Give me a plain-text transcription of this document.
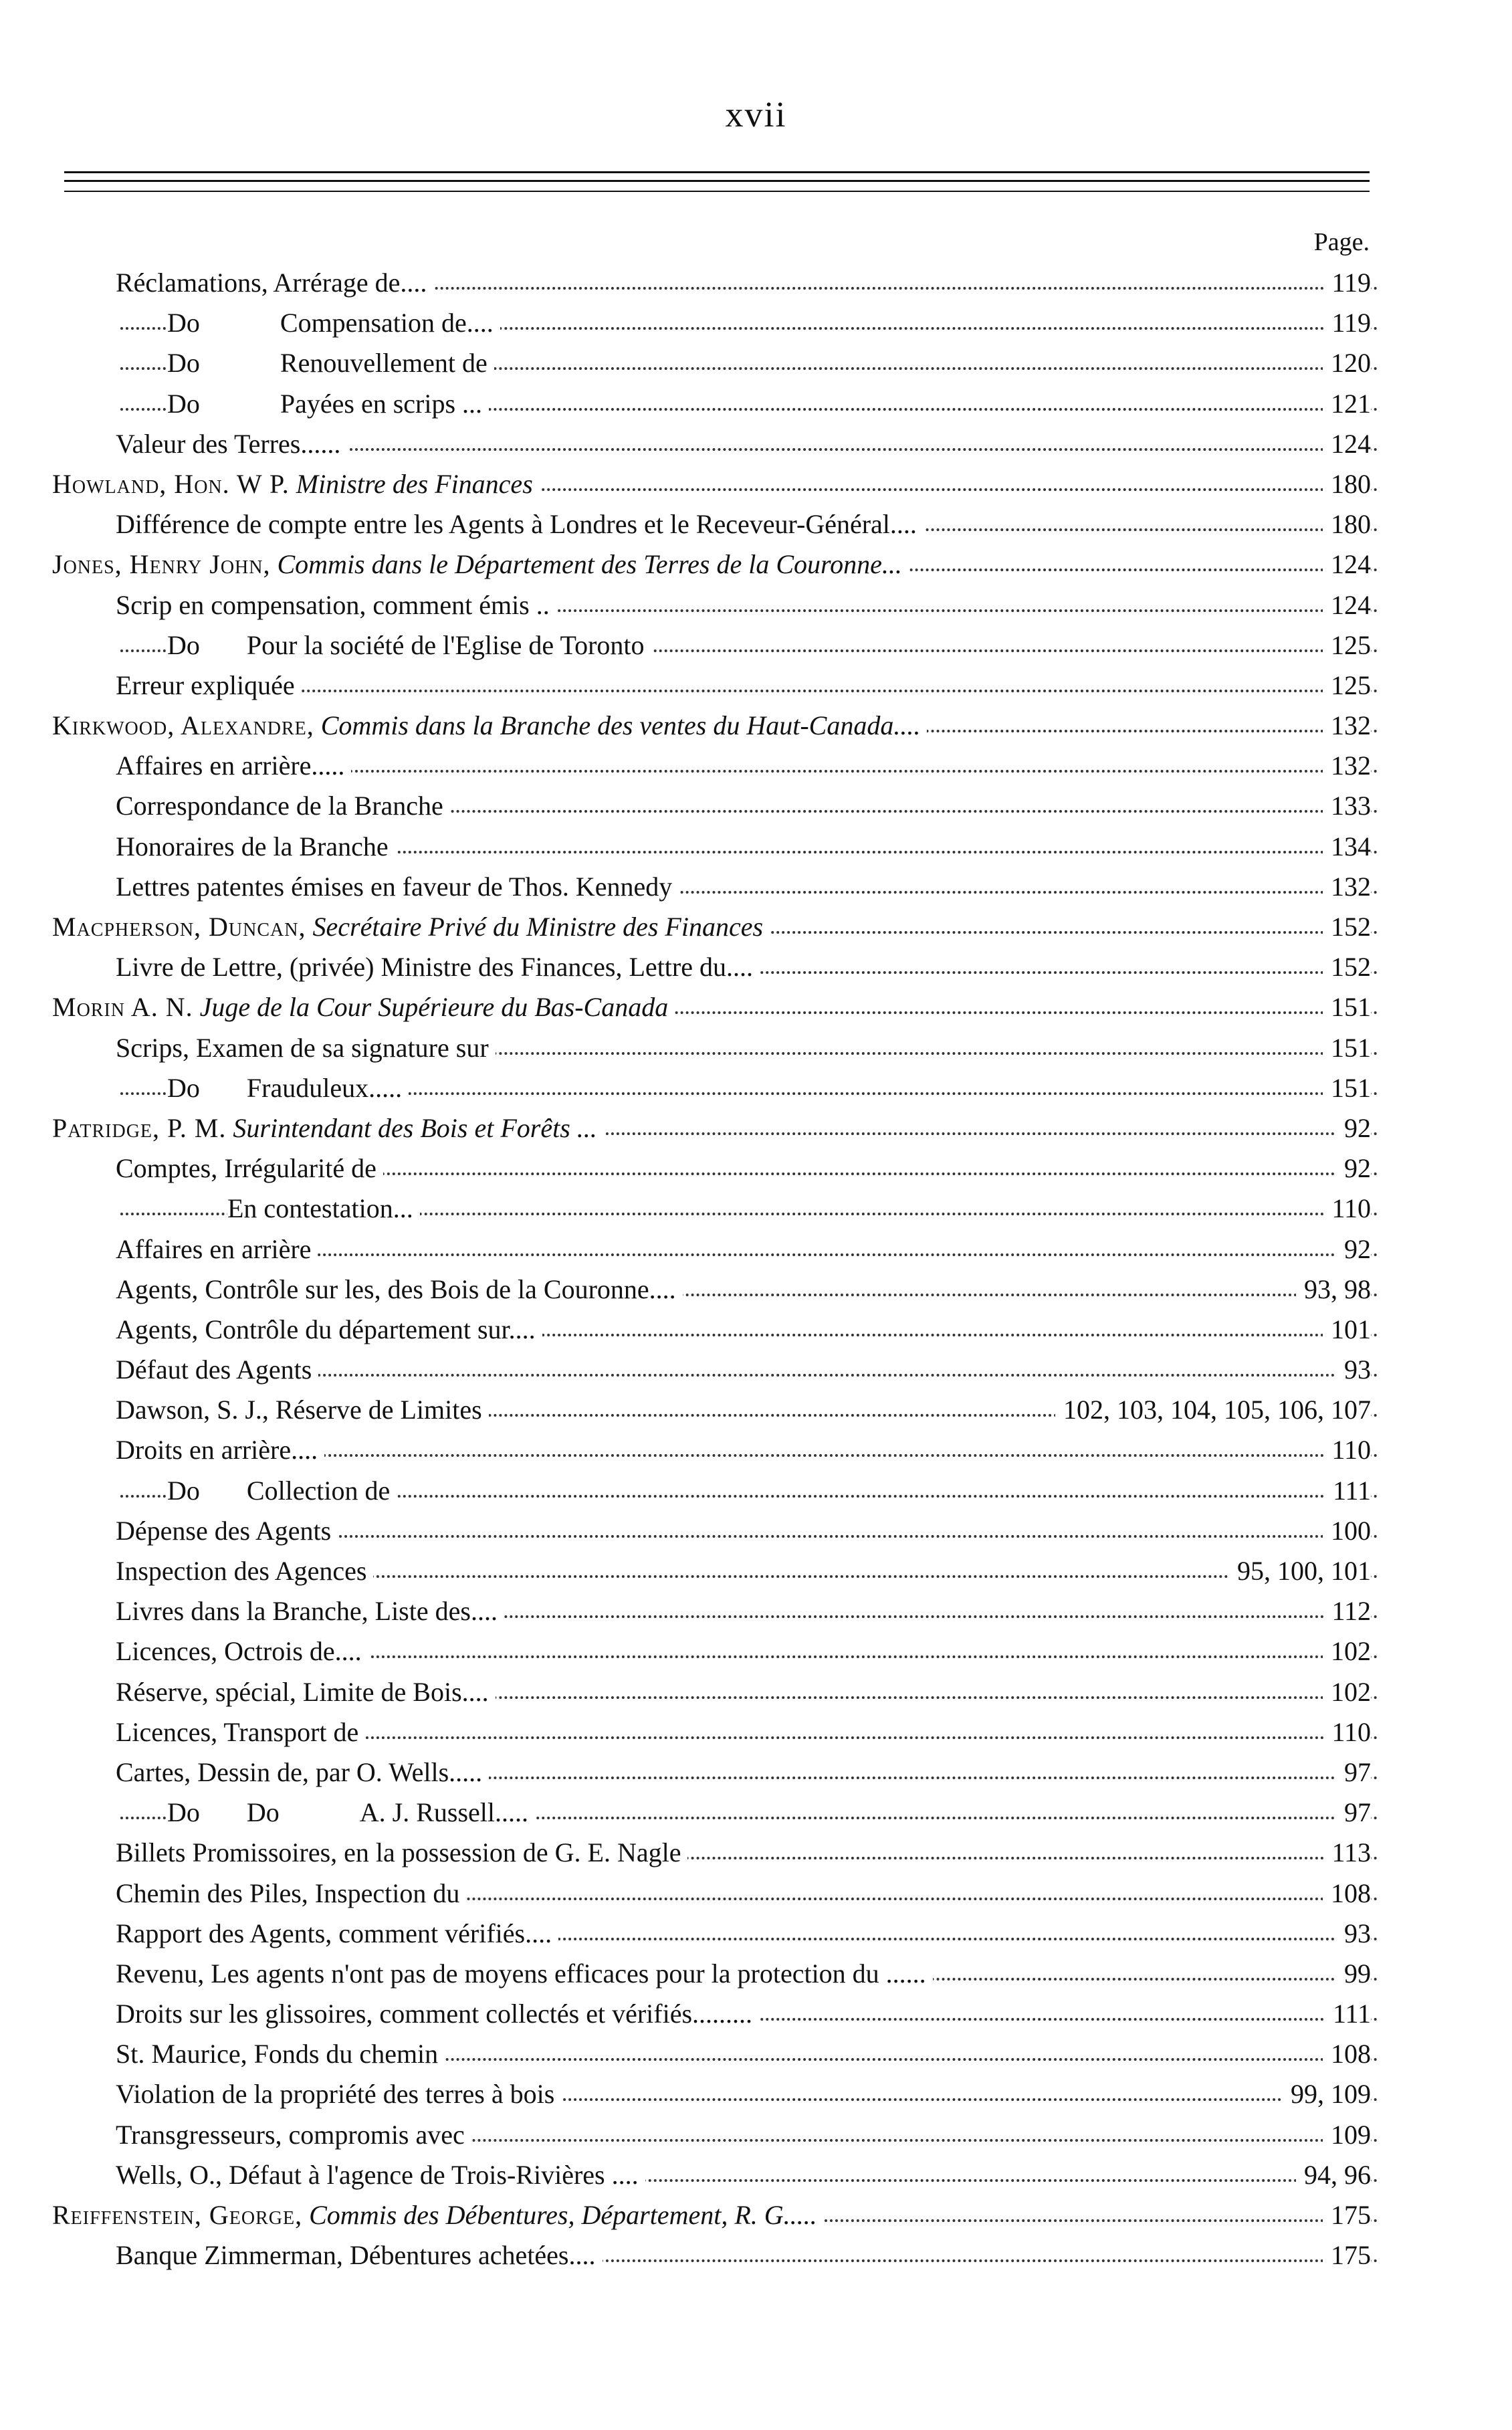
xvii
Page.
Réclamations, Arrérage de....	119
Do	Compensation de....	119
Do	Renouvellement de	120
Do	Payées en scrips ...	121
Valeur des Terres......	124
Howland, Hon. W P. Ministre des Finances	180
Différence de compte entre les Agents à Londres et le Receveur-Général....	180
Jones, Henry John, Commis dans le Département des Terres de la Couronne...	124
Scrip en compensation, comment émis ..	124
Do Pour la société de l'Eglise de Toronto	125
Erreur expliquée	125
Kirkwood, Alexandre, Commis dans la Branche des ventes du Haut-Canada....	132
Affaires en arrière.....	132
Correspondance de la Branche	133
Honoraires de la Branche	134
Lettres patentes émises en faveur de Thos. Kennedy	132
Macpherson, Duncan, Secrétaire Privé du Ministre des Finances	152
Livre de Lettre, (privée) Ministre des Finances, Lettre du....	152
Morin A. N. Juge de la Cour Supérieure du Bas-Canada	151
Scrips, Examen de sa signature sur	151
Do Frauduleux.....	151
Patridge, P. M. Surintendant des Bois et Forêts ...	92
Comptes, Irrégularité de	92
En contestation...	110
Affaires en arrière	92
Agents, Contrôle sur les, des Bois de la Couronne....	93, 98
Agents, Contrôle du département sur....	101
Défaut des Agents	93
Dawson, S. J., Réserve de Limites	102, 103, 104, 105, 106, 107
Droits en arrière....	110
Do Collection de	111
Dépense des Agents	100
Inspection des Agences	95, 100, 101
Livres dans la Branche, Liste des....	112
Licences, Octrois de....	102
Réserve, spécial, Limite de Bois....	102
Licences, Transport de	110
Cartes, Dessin de, par O. Wells.....	97
Do Do	A. J. Russell.....	97
Billets Promissoires, en la possession de G. E. Nagle	113
Chemin des Piles, Inspection du	108
Rapport des Agents, comment vérifiés....	93
Revenu, Les agents n'ont pas de moyens efficaces pour la protection du ......	99
Droits sur les glissoires, comment collectés et vérifiés.........	111
St. Maurice, Fonds du chemin	108
Violation de la propriété des terres à bois	99, 109
Transgresseurs, compromis avec	109
Wells, O., Défaut à l'agence de Trois-Rivières ....	94, 96
Reiffenstein, George, Commis des Débentures, Département, R. G.....	175
Banque Zimmerman, Débentures achetées....	175
